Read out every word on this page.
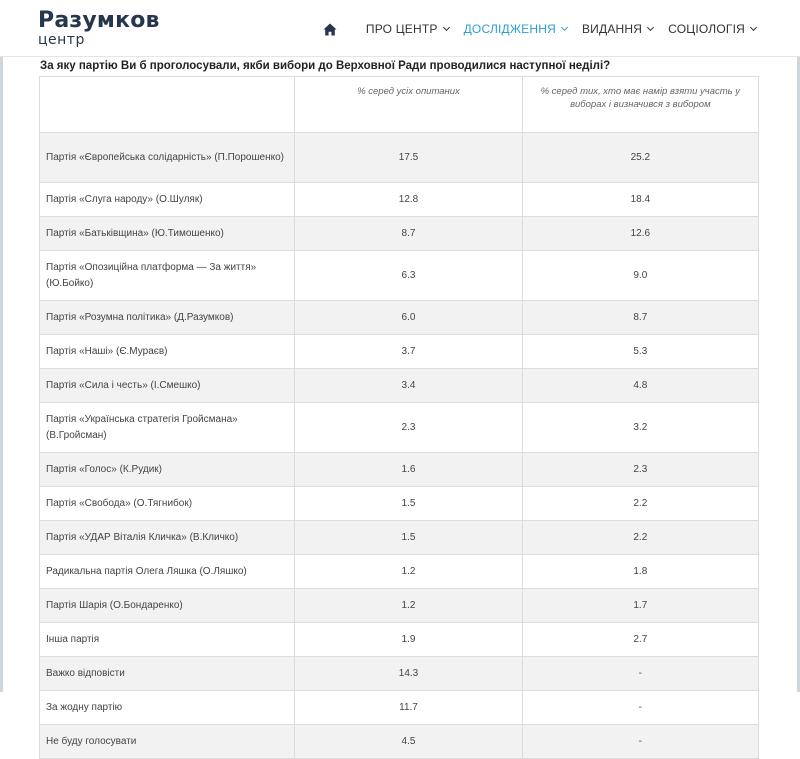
Разумков
центр
ПРО ЦЕНТР ДОСЛІДЖЕННЯ ВИДАННЯ СОЦІОЛОГІЯ
За яку партію Ви б проголосували, якби вибори до Верховної Ради проводилися наступної неділі?
	% серед усіх опитаних	% серед тих, хто має намір взяти участь у виборах і визначився з вибором
Партія «Європейська солідарність» (П.Порошенко)	17.5	25.2
Партія «Слуга народу» (О.Шуляк)	12.8	18.4
Партія «Батьківщина» (Ю.Тимошенко)	8.7	12.6
Партія «Опозиційна платформа — За життя» (Ю.Бойко)	6.3	9.0
Партія «Розумна політика» (Д.Разумков)	6.0	8.7
Партія «Наші» (Є.Мураєв)	3.7	5.3
Партія «Сила і честь» (І.Смешко)	3.4	4.8
Партія «Українська стратегія Гройсмана» (В.Гройсман)	2.3	3.2
Партія «Голос» (К.Рудик)	1.6	2.3
Партія «Свобода» (О.Тягнибок)	1.5	2.2
Партія «УДАР Віталія Кличка» (В.Кличко)	1.5	2.2
Радикальна партія Олега Ляшка (О.Ляшко)	1.2	1.8
Партія Шарія (О.Бондаренко)	1.2	1.7
Інша партія	1.9	2.7
Важко відповісти	14.3	-
За жодну партію	11.7	-
Не буду голосувати	4.5	-
